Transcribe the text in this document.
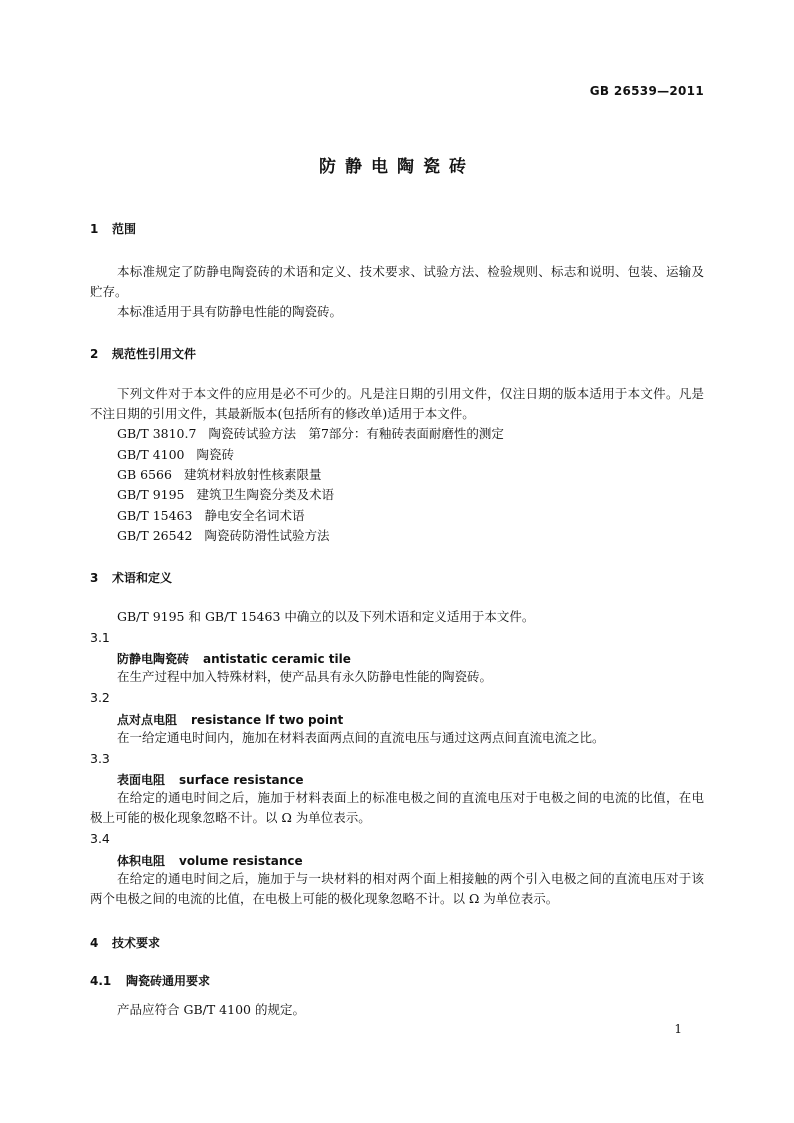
GB 26539—2011
防静电陶瓷砖
1 范围
本标准规定了防静电陶瓷砖的术语和定义、技术要求、试验方法、检验规则、标志和说明、包装、运输及贮存。
本标准适用于具有防静电性能的陶瓷砖。
2 规范性引用文件
下列文件对于本文件的应用是必不可少的。凡是注日期的引用文件，仅注日期的版本适用于本文件。凡是不注日期的引用文件，其最新版本(包括所有的修改单)适用于本文件。
GB/T 3810.7 陶瓷砖试验方法　第7部分：有釉砖表面耐磨性的测定
GB/T 4100 陶瓷砖
GB 6566 建筑材料放射性核素限量
GB/T 9195 建筑卫生陶瓷分类及术语
GB/T 15463 静电安全名词术语
GB/T 26542 陶瓷砖防滑性试验方法
3 术语和定义
GB/T 9195 和 GB/T 15463 中确立的以及下列术语和定义适用于本文件。
3.1
防静电陶瓷砖 antistatic ceramic tile
在生产过程中加入特殊材料，使产品具有永久防静电性能的陶瓷砖。
3.2
点对点电阻 resistance lf two point
在一给定通电时间内，施加在材料表面两点间的直流电压与通过这两点间直流电流之比。
3.3
表面电阻 surface resistance
在给定的通电时间之后，施加于材料表面上的标准电极之间的直流电压对于电极之间的电流的比值，在电极上可能的极化现象忽略不计。以 Ω 为单位表示。
3.4
体积电阻 volume resistance
在给定的通电时间之后，施加于与一块材料的相对两个面上相接触的两个引入电极之间的直流电压对于该两个电极之间的电流的比值，在电极上可能的极化现象忽略不计。以 Ω 为单位表示。
4 技术要求
4.1 陶瓷砖通用要求
产品应符合 GB/T 4100 的规定。
1
